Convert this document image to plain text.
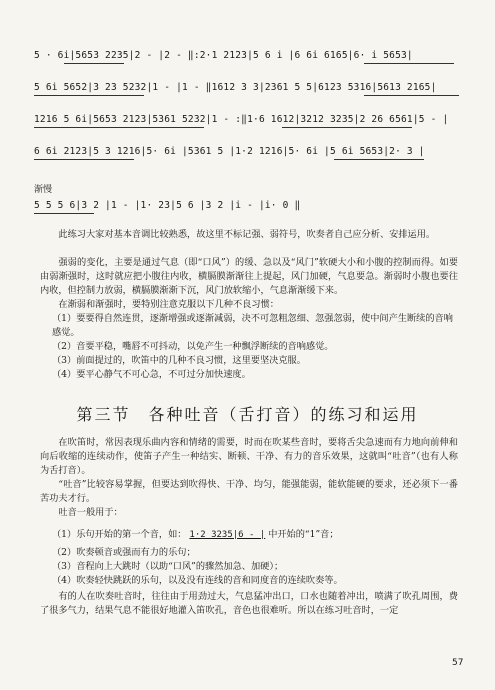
5 · 6i|5653 2235|2 - |2 - ‖:2·1 2123|5 6 i |6 6i 6165|6· i 5653|
5 6i 5652|3 23 5232|1 - |1 - ‖1612 3 3|2361 5 5|6123 5316|5613 2165|
1216 5 6i|5653 2123|5361 5232|1 - :‖1·6 1612|3212 3235|2 26 6561|5 - |
6 6i 2123|5 3 1216|5· 6i |5361 5 |1·2 1216|5· 6i |5 6i 5653|2· 3 |
渐慢
5 5 5 6|3 2 |1 - |1· 23|5 6 |3 2 |i - |i· 0 ‖
此练习大家对基本音调比较熟悉，故这里不标记强、弱符号，吹奏者自己应分析、安排运用。
强弱的变化，主要是通过气息（即“口风”）的缓、急以及“风门”软硬大小和小腹的控制而得。如要由弱渐强时，这时就应把小腹往内收，横膈膜渐渐往上提起，风门加硬，气息要急。渐弱时小腹也要往内收，但控制力放弱，横膈膜渐渐下沉，风门放软缩小，气息渐渐缓下来。
在渐弱和渐强时，要特别注意克服以下几种不良习惯：
（1）要要得自然连贯，逐渐增强或逐渐减弱，决不可忽粗忽细、忽强忽弱，使中间产生断续的音响感觉。
（2）音要平稳，嘴唇不可抖动，以免产生一种飘浮断续的音响感觉。
（3）前面提过的，吹笛中的几种不良习惯，这里要坚决克服。
（4）要平心静气不可心急，不可过分加快速度。
第三节　各种吐音（舌打音）的练习和运用
在吹笛时，常因表现乐曲内容和情绪的需要，时而在吹某些音时，要将舌尖急速而有力地向前伸和向后收缩的连续动作，使笛子产生一种结实、断顿、干净、有力的音乐效果，这就叫“吐音”（也有人称为舌打音）。
“吐音”比较容易掌握，但要达到吹得快、干净、均匀，能强能弱，能软能硬的要求，还必须下一番苦功夫才行。
吐音一般用于：
（1）乐句开始的第一个音，如： 1·2 3235|6 - | 中开始的“1”音；
（2）吹奏顿音或强而有力的乐句；
（3）音程向上大跳时（以助“口风”的骤然加急、加硬）；
（4）吹奏轻快跳跃的乐句，以及没有连线的音和同度音的连续吹奏等。
有的人在吹奏吐音时，往往由于用劲过大，气息猛冲出口，口水也随着冲出，喷满了吹孔周围，费了很多气力，结果气息不能很好地灌入笛吹孔，音色也很难听。所以在练习吐音时，一定
57
